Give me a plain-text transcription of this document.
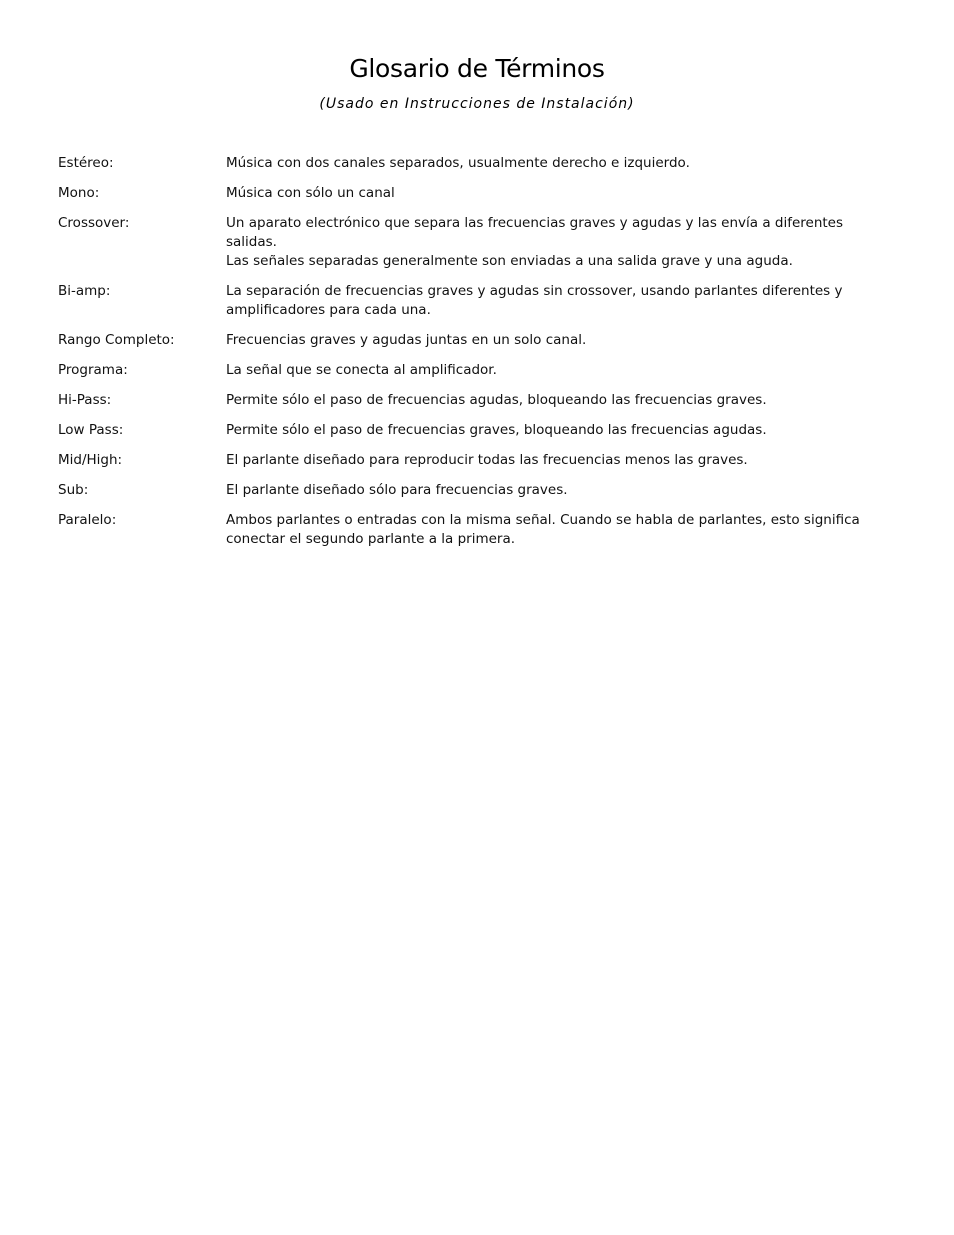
Glosario de Términos
(Usado en Instrucciones de Instalación)
Estéreo:	Música con dos canales separados, usualmente derecho e izquierdo.
Mono:	Música con sólo un canal
Crossover:	Un aparato electrónico que separa las frecuencias graves y agudas y las envía a diferentes salidas.
Las señales separadas generalmente son enviadas a una salida grave y una aguda.
Bi-amp:	La separación de frecuencias graves y agudas sin crossover, usando parlantes diferentes y
amplificadores para cada una.
Rango Completo:	Frecuencias graves y agudas juntas en un solo canal.
Programa:	La señal que se conecta al amplificador.
Hi-Pass:	Permite sólo el paso de frecuencias agudas, bloqueando las frecuencias graves.
Low Pass:	Permite sólo el paso de frecuencias graves, bloqueando las frecuencias agudas.
Mid/High:	El parlante diseñado para reproducir todas las frecuencias menos las graves.
Sub:	El parlante diseñado sólo para frecuencias graves.
Paralelo:	Ambos parlantes o entradas con la misma señal. Cuando se habla de parlantes, esto significa
conectar el segundo parlante a la primera.
